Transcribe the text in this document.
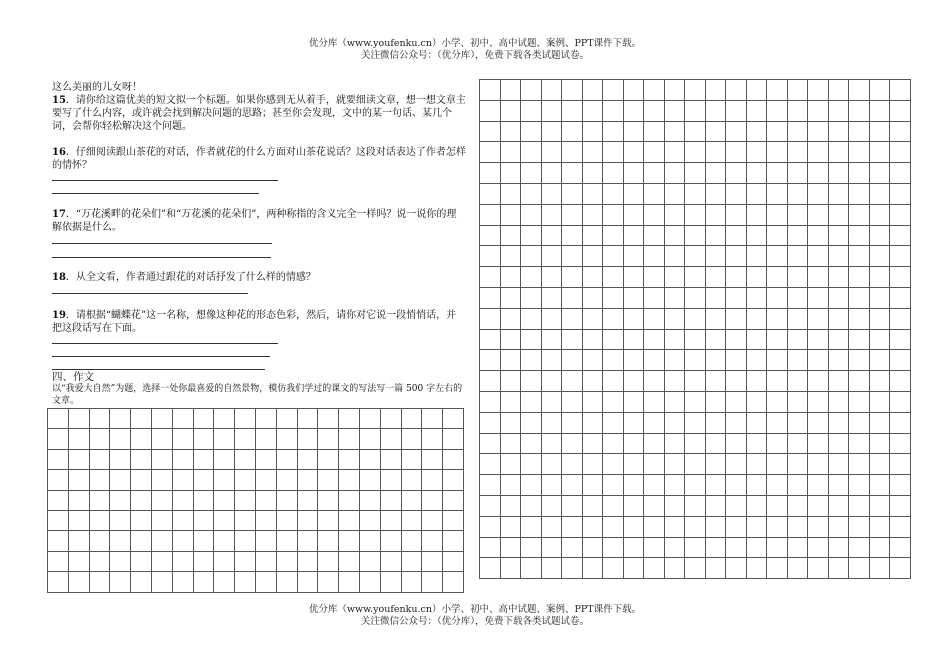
优分库（www.youfenku.cn）小学、初中、高中试题、案例、PPT课件下载。
关注微信公众号：（优分库），免费下载各类试题试卷。

这么美丽的儿女呀！

15．请你给这篇优美的短文拟一个标题。如果你感到无从着手，就要细读文章，想一想文章主要写了什么内容，或许就会找到解决问题的思路；甚至你会发现，文中的某一句话、某几个词，会帮你轻松解决这个问题。
16．仔细阅读跟山茶花的对话，作者就花的什么方面对山茶花说话？这段对话表达了作者怎样的情怀？
17．“万花溪畔的花朵们”和“万花溪的花朵们”，两种称指的含义完全一样吗？说一说你的理解依据是什么。
18．从全文看，作者通过跟花的对话抒发了什么样的情感？
19．请根据“蝴蝶花”这一名称，想像这种花的形态色彩，然后，请你对它说一段悄悄话，并把这段话写在下面。
四、作文
以“我爱大自然”为题，选择一处你最喜爱的自然景物，模仿我们学过的课文的写法写一篇 500 字左右的文章。

优分库（www.youfenku.cn）小学、初中、高中试题、案例、PPT课件下载。
关注微信公众号：（优分库），免费下载各类试题试卷。
